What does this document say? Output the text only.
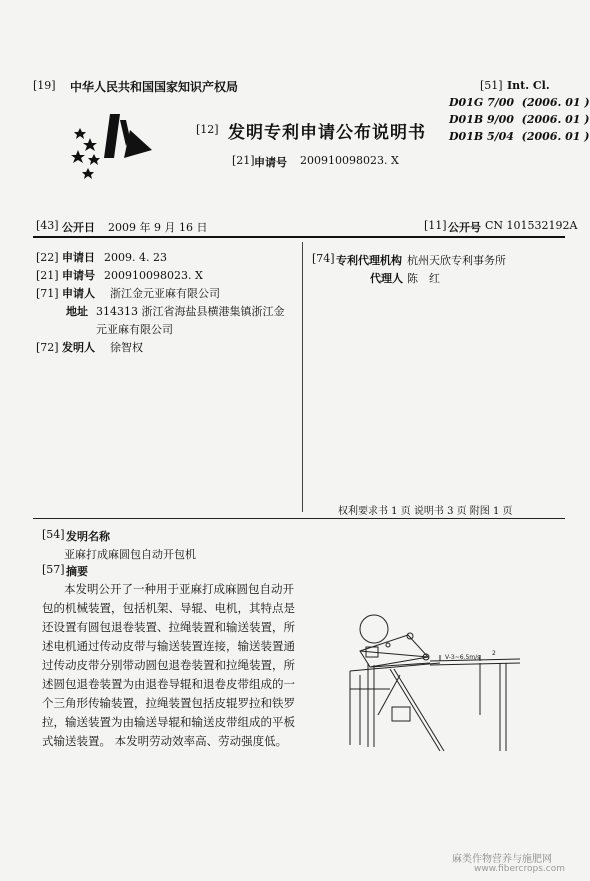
[19] 中华人民共和国国家知识产权局
[12] 发明专利申请公布说明书
[21] 申请号 200910098023. X
[51] Int. Cl.
D01G 7/00 (2006. 01 )
D01B 9/00 (2006. 01 )
D01B 5/04 (2006. 01 )
[43] 公开日 2009 年 9 月 16 日	[11] 公开号 CN 101532192A
[22] 申请日 2009. 4. 23
[21] 申请号 200910098023. X
[71] 申请人 浙江金元亚麻有限公司
地址 314313 浙江省海盐县横港集镇浙江金
元亚麻有限公司
[72] 发明人 徐智权
[74] 专利代理机构 杭州天欣专利事务所
代理人 陈　红
权利要求书 1 页 说明书 3 页 附图 1 页
[54] 发明名称
亚麻打成麻圆包自动开包机
[57] 摘要
本发明公开了一种用于亚麻打成麻圆包自动开
包的机械装置，包括机架、导辊、电机，其特点是
还设置有圆包退卷装置、拉绳装置和输送装置，所
述电机通过传动皮带与输送装置连接，输送装置通
过传动皮带分别带动圆包退卷装置和拉绳装置，所
述圆包退卷装置为由退卷导辊和退卷皮带组成的一
个三角形传输装置，拉绳装置包括皮辊罗拉和铁罗
拉，输送装置为由输送导辊和输送皮带组成的平板
式输送装置。 本发明劳动效率高、劳动强度低。
V-3~6.5m/s
2
麻类作物营养与施肥网
www.fibercrops.com
